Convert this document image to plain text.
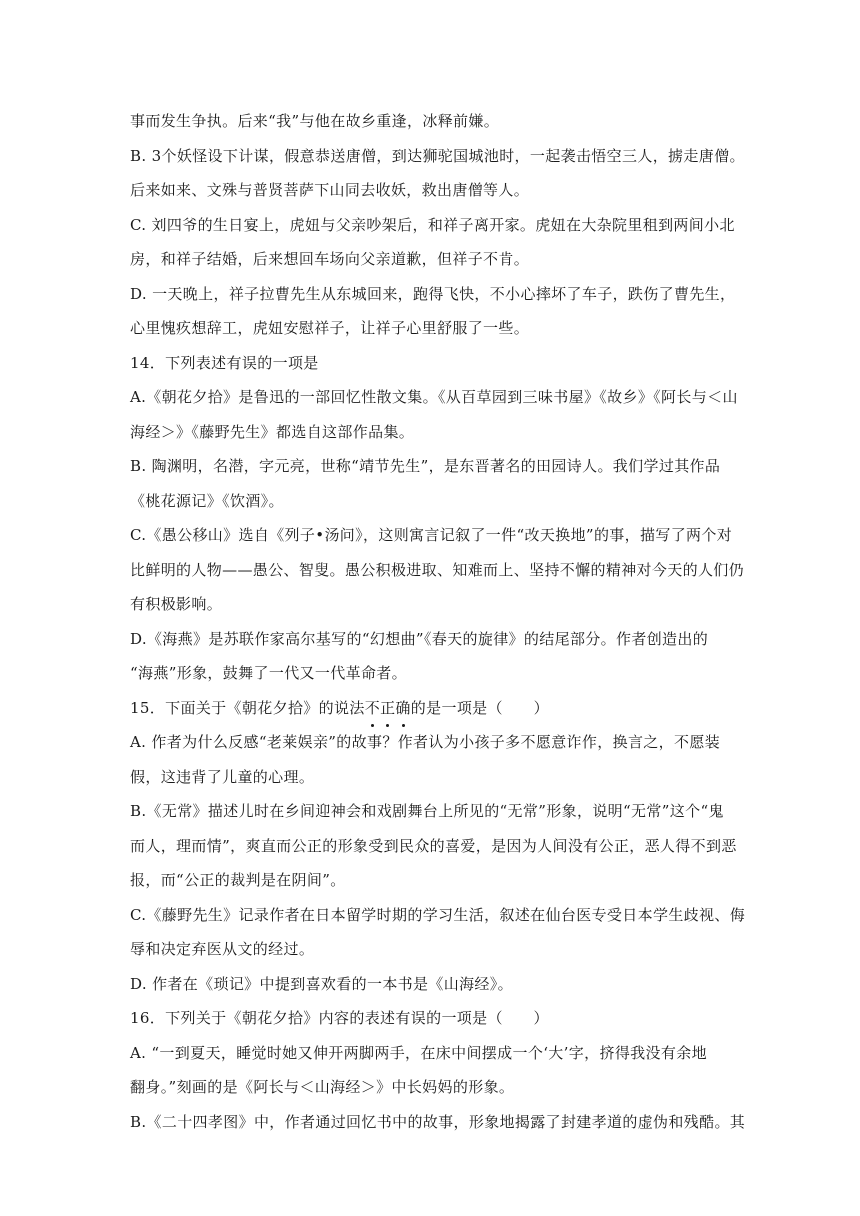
事而发生争执。后来“我”与他在故乡重逢，冰释前嫌。
B. 3个妖怪设下计谋，假意恭送唐僧，到达狮驼国城池时，一起袭击悟空三人，掳走唐僧。
后来如来、文殊与普贤菩萨下山同去收妖，救出唐僧等人。
C. 刘四爷的生日宴上，虎妞与父亲吵架后，和祥子离开家。虎妞在大杂院里租到两间小北
房，和祥子结婚，后来想回车场向父亲道歉，但祥子不肯。
D. 一天晚上，祥子拉曹先生从东城回来，跑得飞快，不小心摔坏了车子，跌伤了曹先生，
心里愧疚想辞工，虎妞安慰祥子，让祥子心里舒服了一些。
14．下列表述有误的一项是
A.《朝花夕拾》是鲁迅的一部回忆性散文集。《从百草园到三味书屋》《故乡》《阿长与＜山
海经＞》《藤野先生》都选自这部作品集。
B. 陶渊明，名潜，字元亮，世称“靖节先生”，是东晋著名的田园诗人。我们学过其作品
《桃花源记》《饮酒》。
C.《愚公移山》选自《列子•汤问》，这则寓言记叙了一件“改天换地”的事，描写了两个对
比鲜明的人物——愚公、智叟。愚公积极进取、知难而上、坚持不懈的精神对今天的人们仍
有积极影响。
D.《海燕》是苏联作家高尔基写的“幻想曲”《春天的旋律》的结尾部分。作者创造出的
“海燕”形象，鼓舞了一代又一代革命者。
15．下面关于《朝花夕拾》的说法不正确的是一项是（　　）
A. 作者为什么反感“老莱娱亲”的故事？作者认为小孩子多不愿意诈作，换言之，不愿装
假，这违背了儿童的心理。
B.《无常》描述儿时在乡间迎神会和戏剧舞台上所见的“无常”形象，说明“无常”这个“鬼
而人，理而情”，爽直而公正的形象受到民众的喜爱，是因为人间没有公正，恶人得不到恶
报，而“公正的裁判是在阴间”。
C.《藤野先生》记录作者在日本留学时期的学习生活，叙述在仙台医专受日本学生歧视、侮
辱和决定弃医从文的经过。
D. 作者在《琐记》中提到喜欢看的一本书是《山海经》。
16．下列关于《朝花夕拾》内容的表述有误的一项是（　　）
A. “一到夏天，睡觉时她又伸开两脚两手，在床中间摆成一个‘大’字，挤得我没有余地
翻身。”刻画的是《阿长与＜山海经＞》中长妈妈的形象。
B.《二十四孝图》中，作者通过回忆书中的故事，形象地揭露了封建孝道的虚伪和残酷。其
